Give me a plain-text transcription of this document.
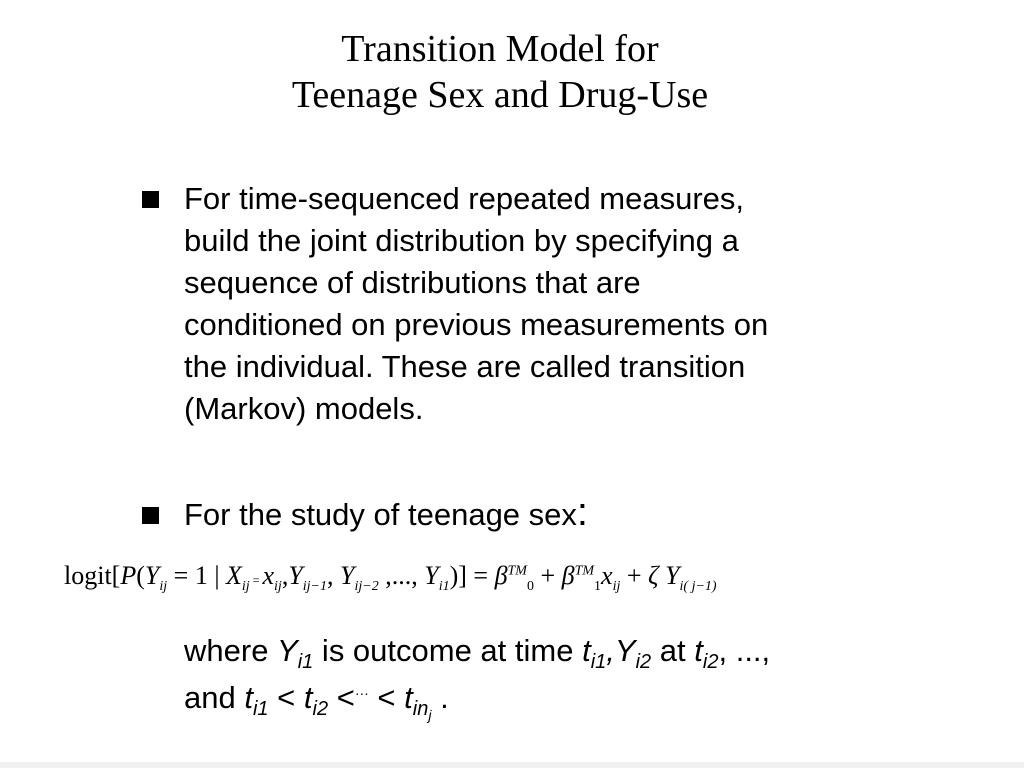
Transition Model for
Teenage Sex and Drug-Use
For time-sequenced repeated measures,
build the joint distribution by specifying a
sequence of distributions that are
conditioned on previous measurements on
the individual. These are called transition
(Markov) models.
For the study of teenage sex:
$logit[P(Y_{ij} = 1$ | $X_{ij} = x_{ij},Y_{ij-1}$, $Y_{ij-2}$ ,..., $Y_{i1})] = \beta™_0 + \beta™_1x_{ij} + \zeta$ $Y_{i( j-1)}$
where $Y_{i1}$ is outcome at time $t_{i1},Y_{i2}$ at $t_{i2}$, ...,
and $t_{i1} < t_{i2} <^{\cdot\cdot\cdot} < t_{in_j}$ .
